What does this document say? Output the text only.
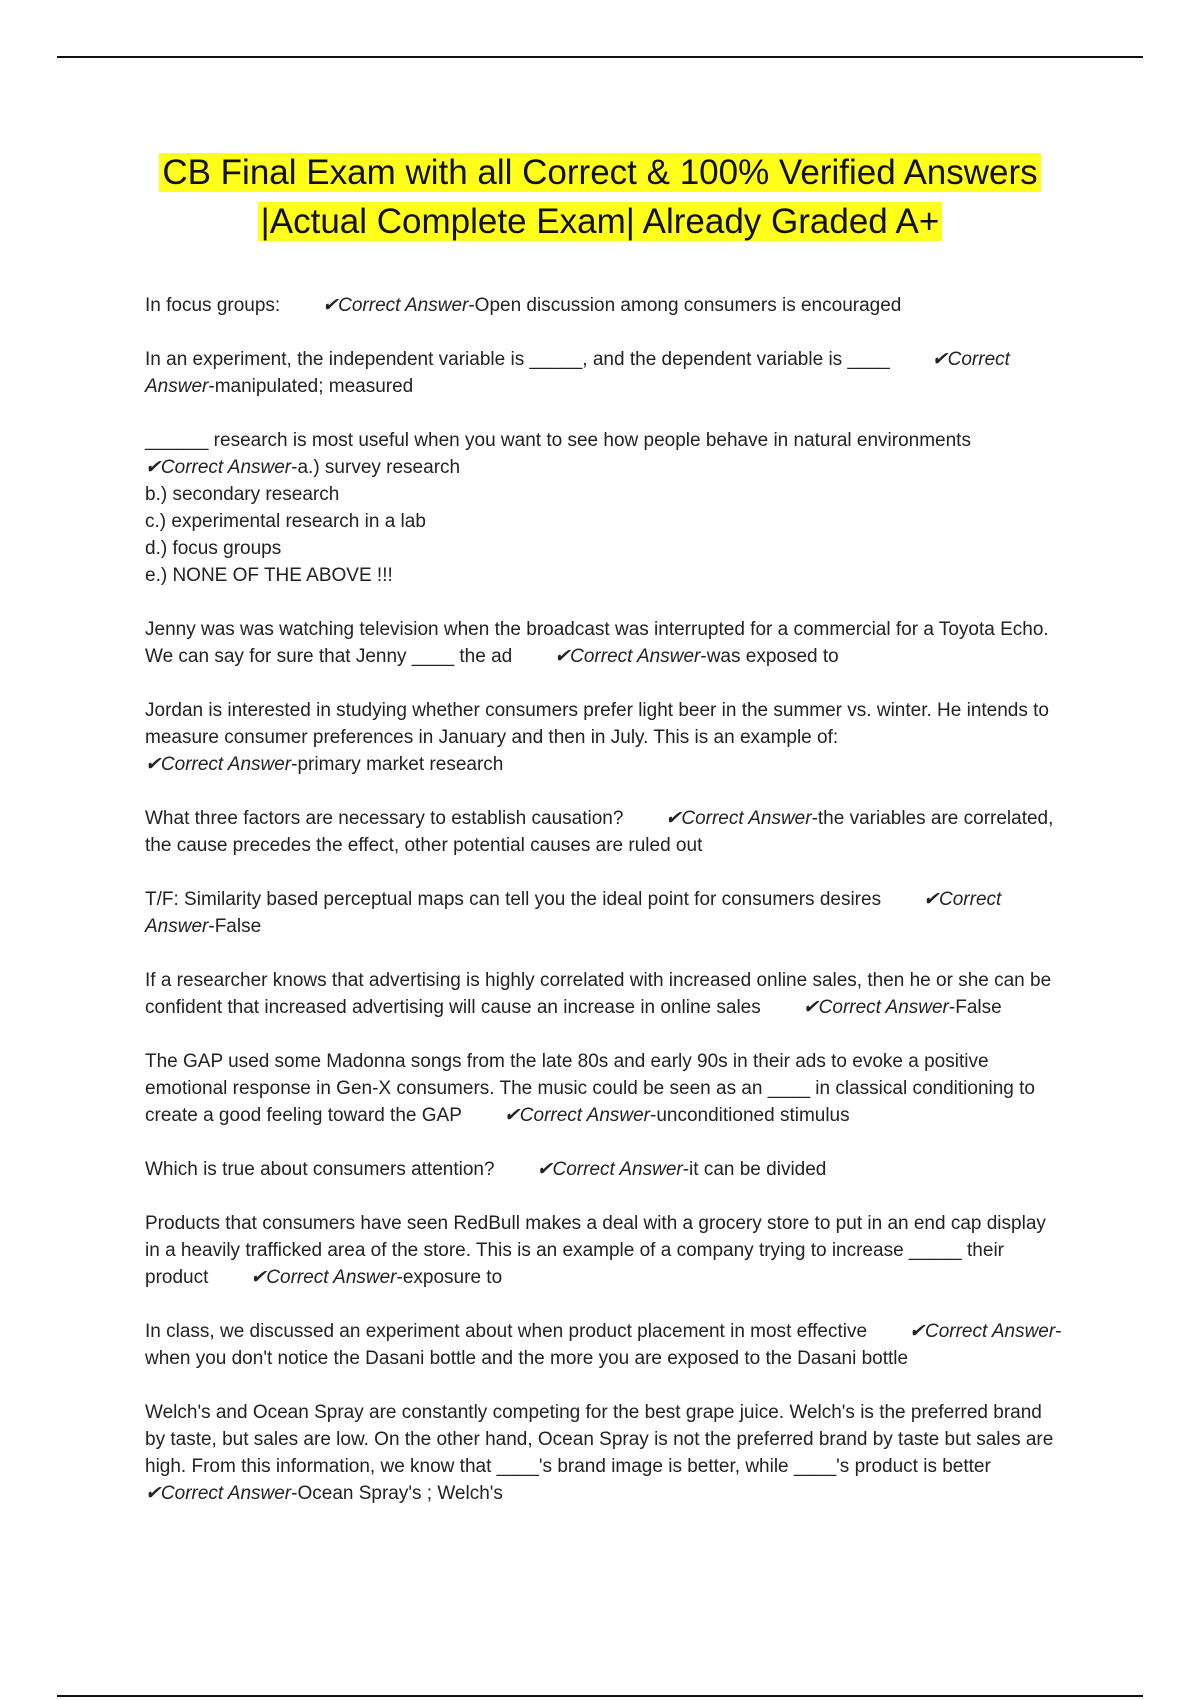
CB Final Exam with all Correct & 100% Verified Answers
|Actual Complete Exam| Already Graded A+
In focus groups: ✔Correct Answer-Open discussion among consumers is encouraged
In an experiment, the independent variable is _____, and the dependent variable is ____ ✔Correct Answer-manipulated; measured
______ research is most useful when you want to see how people behave in natural environments
✔Correct Answer-a.) survey research
b.) secondary research
c.) experimental research in a lab
d.) focus groups
e.) NONE OF THE ABOVE !!!
Jenny was was watching television when the broadcast was interrupted for a commercial for a Toyota Echo. We can say for sure that Jenny ____ the ad ✔Correct Answer-was exposed to
Jordan is interested in studying whether consumers prefer light beer in the summer vs. winter. He intends to measure consumer preferences in January and then in July. This is an example of:
✔Correct Answer-primary market research
What three factors are necessary to establish causation? ✔Correct Answer-the variables are correlated, the cause precedes the effect, other potential causes are ruled out
T/F: Similarity based perceptual maps can tell you the ideal point for consumers desires ✔Correct Answer-False
If a researcher knows that advertising is highly correlated with increased online sales, then he or she can be confident that increased advertising will cause an increase in online sales ✔Correct Answer-False
The GAP used some Madonna songs from the late 80s and early 90s in their ads to evoke a positive emotional response in Gen-X consumers. The music could be seen as an ____ in classical conditioning to create a good feeling toward the GAP ✔Correct Answer-unconditioned stimulus
Which is true about consumers attention? ✔Correct Answer-it can be divided
Products that consumers have seen RedBull makes a deal with a grocery store to put in an end cap display in a heavily trafficked area of the store. This is an example of a company trying to increase _____ their product ✔Correct Answer-exposure to
In class, we discussed an experiment about when product placement in most effective ✔Correct Answer-when you don't notice the Dasani bottle and the more you are exposed to the Dasani bottle
Welch's and Ocean Spray are constantly competing for the best grape juice. Welch's is the preferred brand by taste, but sales are low. On the other hand, Ocean Spray is not the preferred brand by taste but sales are high. From this information, we know that ____'s brand image is better, while ____'s product is better✔Correct Answer-Ocean Spray's ; Welch's
